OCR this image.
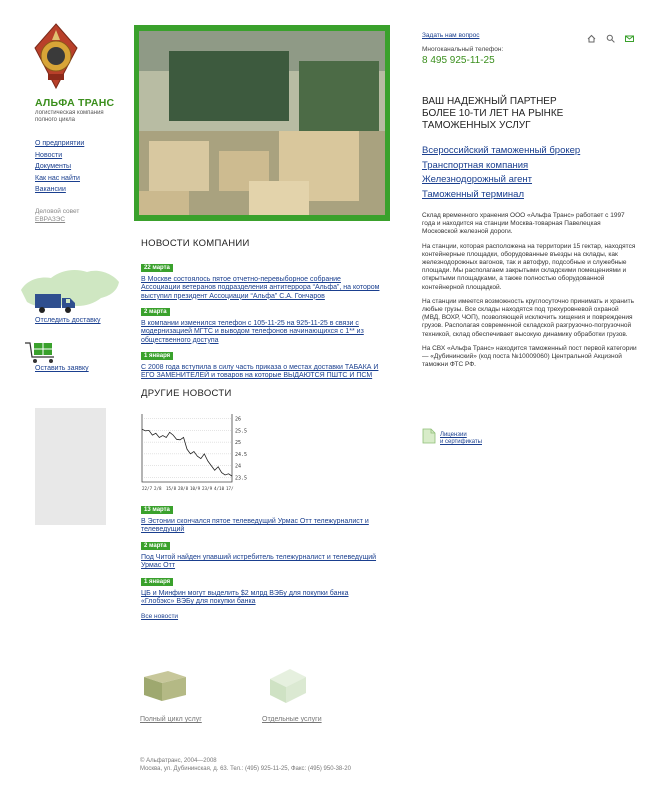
АЛЬФА ТРАНС
логистическая компания полного цикла
О предприятии
Новости
Документы
Как нас найти
Вакансии
Деловой совет
ЕВРАЗЭС
Отследить доставку
Оставить заявку
НОВОСТИ КОМПАНИИ
22 марта
В Москве состоялось пятое отчетно-перевыборное собрание Ассоциации ветеранов подразделения антитеррора “Альфа”, на котором выступил президент Ассоциации “Альфа” С.А. Гончаров
2 марта
В компании изменился телефон с 105-11-25 на 925-11-25 в связи с модернизацией МГТС и выводом телефонов начинающихся с 1** из общественного доступа
1 января
С 2008 года вступила в силу часть приказа о местах доставки ТАБАКА И ЕГО ЗАМЕНИТЕЛЕЙ и товаров на которые ВЫДАЮТСЯ ПШТС И ПСМ
ДРУГИЕ НОВОСТИ
26
25.5
25
24.5
24
23.5
22/7 2/8 15/8 28/8 10/9 23/9 4/10 17/
13 марта
В Эстонии скончался пятое телеведущий Урмас Отт тележурналист и телеведущий
2 марта
Под Читой найден упавший истребитель тележурналист и телеведущий Урмас Отт
1 января
ЦБ и Минфин могут выделить $2 млрд ВЭБу для покупки банка «Глобэкс» ВЭБу для покупки банка
Все новости
Полный цикл услуг	Отдельные услуги
© Альфатранс, 2004—2008
Москва, ул. Дубининская, д. 63. Тел.: (495) 925-11-25, Факс: (495) 950-38-20
Задать нам вопрос
Многоканальный телефон:
8 495 925-11-25
ВАШ НАДЕЖНЫЙ ПАРТНЕР
БОЛЕЕ 10-ТИ ЛЕТ НА РЫНКЕ
ТАМОЖЕННЫХ УСЛУГ
Всероссийский таможенный брокер
Транспортная компания
Железнодорожный агент
Таможенный терминал

Склад временного хранения ООО «Альфа Транс» работает с 1997 года и находится на станции Москва-товарная Павелецкая Московской железной дороги.

На станции, которая расположена на территории 15 гектар, находятся контейнерные площадки, оборудованные въезды на склады, как железнодорожных вагонов, так и автофур, подсобные и служебные площади. Мы располагаем закрытыми складскими помещениями и открытыми площадками, а также полностью оборудованной контейнерной площадкой.

На станции имеется возможность круглосуточно принимать и хранить любые грузы. Все склады находятся под трехуровневой охраной (МВД, ВОХР, ЧОП), позволяющей исключить хищения и повреждения грузов. Располагая современной складской разгрузочно-погрузочной техникой, склад обеспечивает высокую динамику обработки грузов.

На СВХ «Альфа Транс» находится таможенный пост первой категории — «Дубининский» (код поста №10009060) Центральной Акцизной таможни ФТС РФ.

Лицензии
и сертификаты
